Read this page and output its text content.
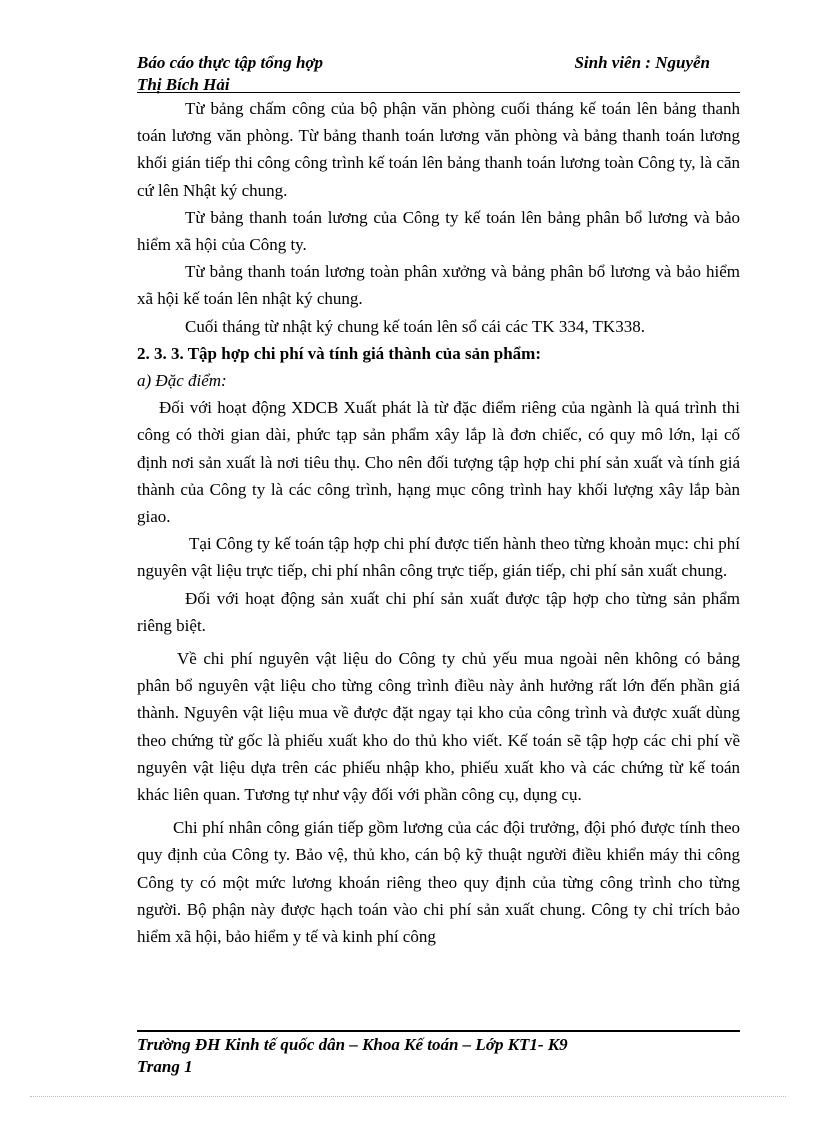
Báo cáo thực tập tổng hợp	Sinh viên : Nguyễn
Thị Bích Hải

Từ bảng chấm công của bộ phận văn phòng cuối tháng kế toán lên bảng thanh toán lương văn phòng. Từ bảng thanh toán lương văn phòng và bảng thanh toán lương khối gián tiếp thi công công trình kế toán lên bảng thanh toán lương toàn Công ty, là căn cứ lên Nhật ký chung.

Từ bảng thanh toán lương của Công ty kế toán lên bảng phân bổ lương và bảo hiểm xã hội của Công ty.

Từ bảng thanh toán lương toàn phân xưởng và bảng phân bổ lương và bảo hiểm xã hội kế toán lên nhật ký chung.

Cuối tháng từ nhật ký chung kế toán lên sổ cái các TK 334, TK338.

2. 3. 3. Tập hợp chi phí và tính giá thành của sản phẩm:

a) Đặc điểm:

Đối với hoạt động XDCB Xuất phát là từ đặc điểm riêng của ngành là quá trình thi công có thời gian dài, phức tạp sản phẩm xây lắp là đơn chiếc, có quy mô lớn, lại cố định nơi sản xuất là nơi tiêu thụ. Cho nên đối tượng tập hợp chi phí sản xuất và tính giá thành của Công ty là các công trình, hạng mục công trình hay khối lượng xây lắp bàn giao.

Tại Công ty kế toán tập hợp chi phí được tiến hành theo từng khoản mục: chi phí nguyên vật liệu trực tiếp, chi phí nhân công trực tiếp, gián tiếp, chi phí sản xuất chung.

Đối với hoạt động sản xuất chi phí sản xuất được tập hợp cho từng sản phẩm riêng biệt.

Về chi phí nguyên vật liệu do Công ty chủ yếu mua ngoài nên không có bảng phân bổ nguyên vật liệu cho từng công trình điều này ảnh hưởng rất lớn đến phần giá thành. Nguyên vật liệu mua về được đặt ngay tại kho của công trình và được xuất dùng theo chứng từ gốc là phiếu xuất kho do thủ kho viết. Kế toán sẽ tập hợp các chi phí về nguyên vật liệu dựa trên các phiếu nhập kho, phiếu xuất kho và các chứng từ kế toán khác liên quan. Tương tự như vậy đối với phần công cụ, dụng cụ.

Chi phí nhân công gián tiếp gồm lương của các đội trưởng, đội phó được tính theo quy định của Công ty. Bảo vệ, thủ kho, cán bộ kỹ thuật người điều khiển máy thi công Công ty có một mức lương khoán riêng theo quy định của từng công trình cho từng người. Bộ phận này được hạch toán vào chi phí sản xuất chung. Công ty chỉ trích bảo hiểm xã hội, bảo hiểm y tế và kinh phí công

Trường ĐH Kinh tế quốc dân – Khoa Kế toán – Lớp KT1- K9
Trang 1
